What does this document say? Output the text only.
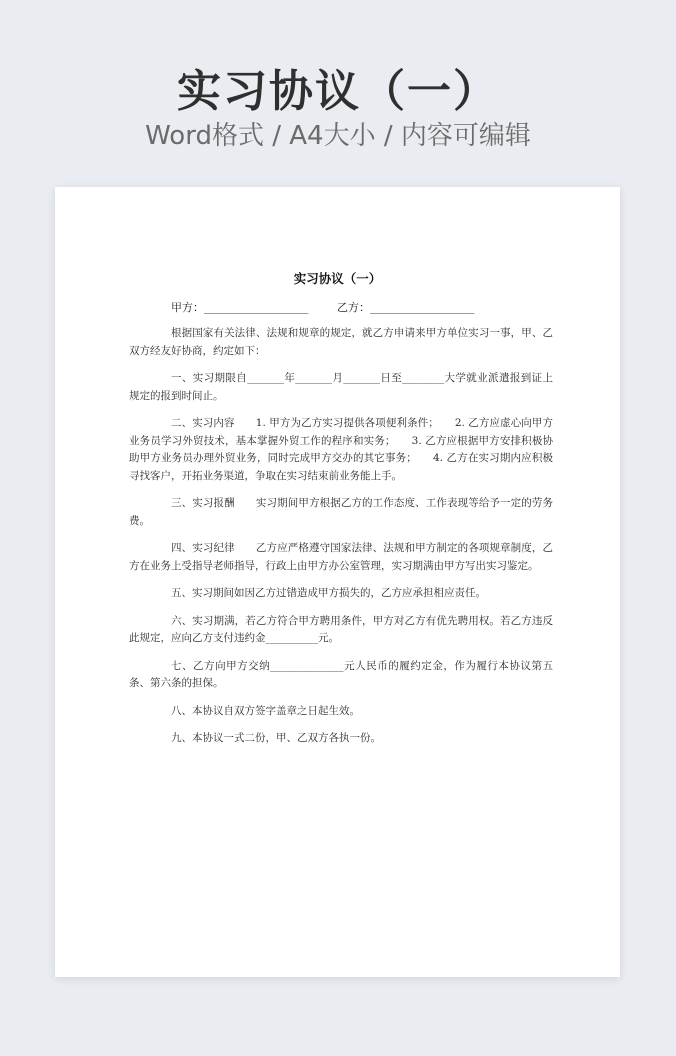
实习协议（一）
Word格式 / A4大小 / 内容可编辑
实习协议（一）
甲方：___________________	乙方：___________________

根据国家有关法律、法规和规章的规定，就乙方申请来甲方单位实习一事，甲、乙双方经友好协商，约定如下：

一、实习期限自_______年_______月_______日至________大学就业派遣报到证上规定的报到时间止。

二、实习内容　　1. 甲方为乙方实习提供各项便利条件；　　2. 乙方应虚心向甲方业务员学习外贸技术，基本掌握外贸工作的程序和实务；　　3. 乙方应根据甲方安排积极协助甲方业务员办理外贸业务，同时完成甲方交办的其它事务；　　4. 乙方在实习期内应积极寻找客户，开拓业务渠道，争取在实习结束前业务能上手。

三、实习报酬　　实习期间甲方根据乙方的工作态度、工作表现等给予一定的劳务费。

四、实习纪律　　乙方应严格遵守国家法律、法规和甲方制定的各项规章制度，乙方在业务上受指导老师指导，行政上由甲方办公室管理，实习期满由甲方写出实习鉴定。

五、实习期间如因乙方过错造成甲方损失的，乙方应承担相应责任。

六、实习期满，若乙方符合甲方聘用条件，甲方对乙方有优先聘用权。若乙方违反此规定，应向乙方支付违约金__________元。

七、乙方向甲方交纳______________元人民币的履约定金，作为履行本协议第五条、第六条的担保。

八、本协议自双方签字盖章之日起生效。

九、本协议一式二份，甲、乙双方各执一份。
